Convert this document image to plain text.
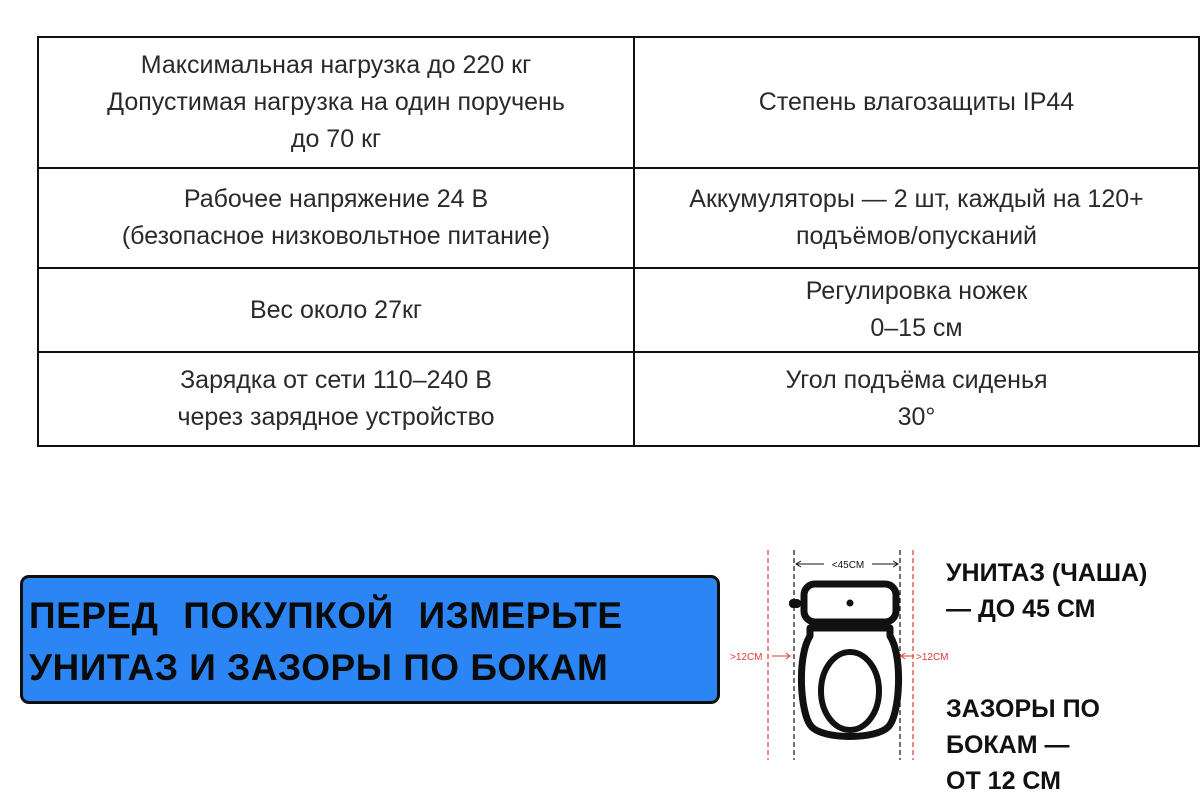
Максимальная нагрузка до 220 кг
Допустимая нагрузка на один поручень
до 70 кг	Степень влагозащиты IP44

Рабочее напряжение 24 В
(безопасное низковольтное питание)	Аккумуляторы — 2 шт, каждый на 120+
подъёмов/опусканий

Вес около 27кг	Регулировка ножек
0–15 см

Зарядка от сети 110–240 В
через зарядное устройство	Угол подъёма сиденья
30°
ПЕРЕД ПОКУПКОЙ ИЗМЕРЬТЕ
УНИТАЗ И ЗАЗОРЫ ПО БОКАМ
<45CM
>12CM	>12CM
УНИТАЗ (ЧАША)
— ДО 45 СМ
ЗАЗОРЫ ПО
БОКАМ —
ОТ 12 СМ
